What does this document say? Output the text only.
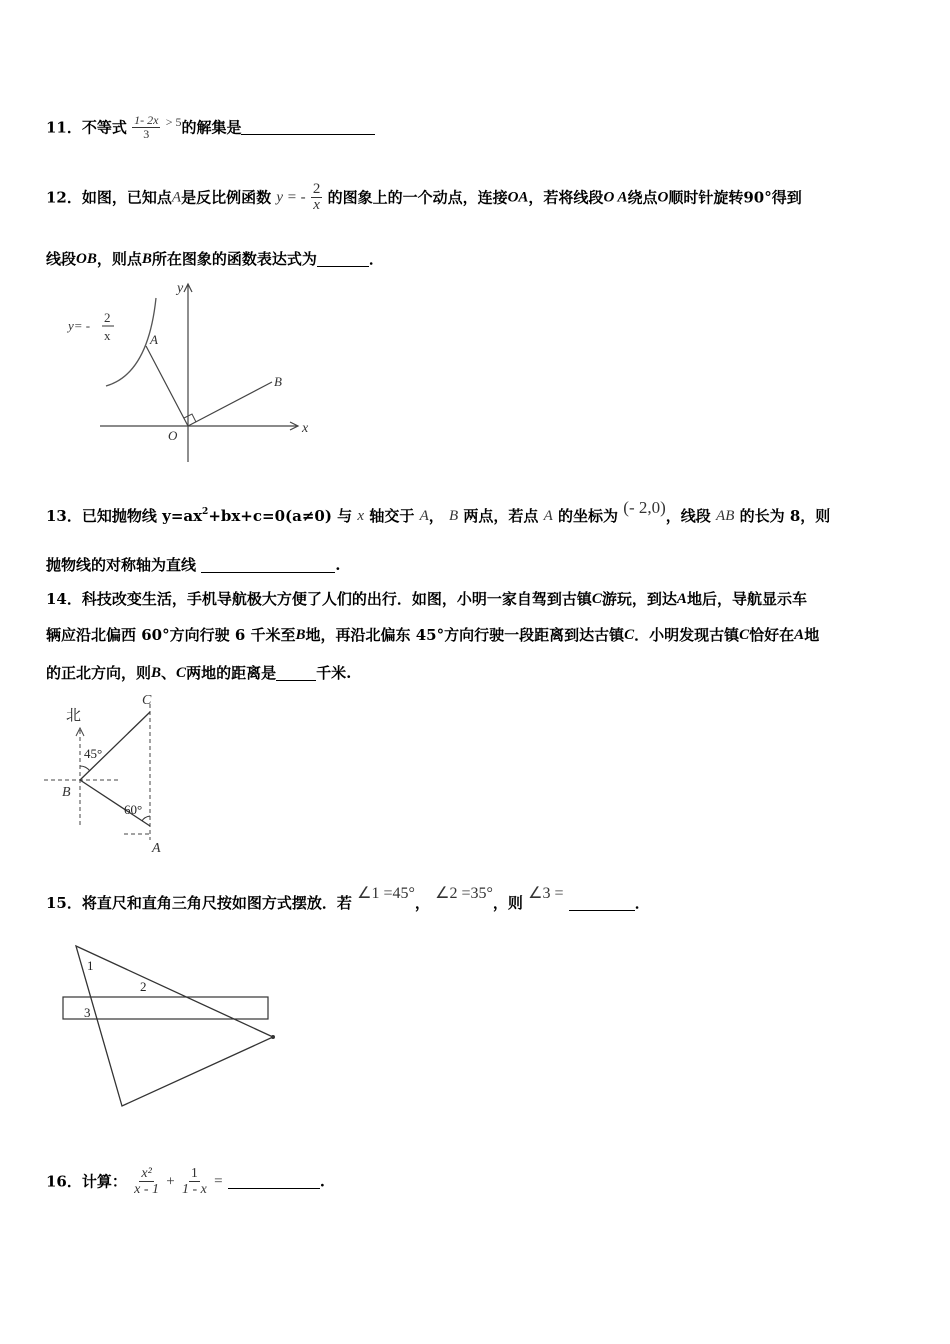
11．不等式 $\frac{1- 2x}{3} ^{> 5}$的解集是
12．如图，已知点A是反比例函数 y = - $\frac{2}{x}$ 的图象上的一个动点，连接OA，若将线段O A绕点O顺时针旋转90°得到
线段OB，则点B所在图象的函数表达式为	．
y
x
A
B
O
y= -
2
x
13．已知抛物线 $y=ax^2+bx+c=0(a\ne 0)$ 与 x 轴交于 A， B 两点，若点 A 的坐标为 (- 2,0)，线段 AB 的长为 8，则
抛物线的对称轴为直线	.
14．科技改变生活，手机导航极大方便了人们的出行．如图，小明一家自驾到古镇C游玩，到达A地后，导航显示车
辆应沿北偏西 60°方向行驶 6 千米至B地，再沿北偏东 45°方向行驶一段距离到达古镇C．小明发现古镇C恰好在A地
的正北方向，则B、C两地的距离是	千米.
北
45°
60°
B
C
A
15．将直尺和直角三角尺按如图方式摆放．若 ∠1 =45°， ∠2 =35°，则 ∠3 = ．
1
2
3
16．计算： $\frac{\text{x²}}{x - 1} + \frac{1}{1 - x}$ =	.
